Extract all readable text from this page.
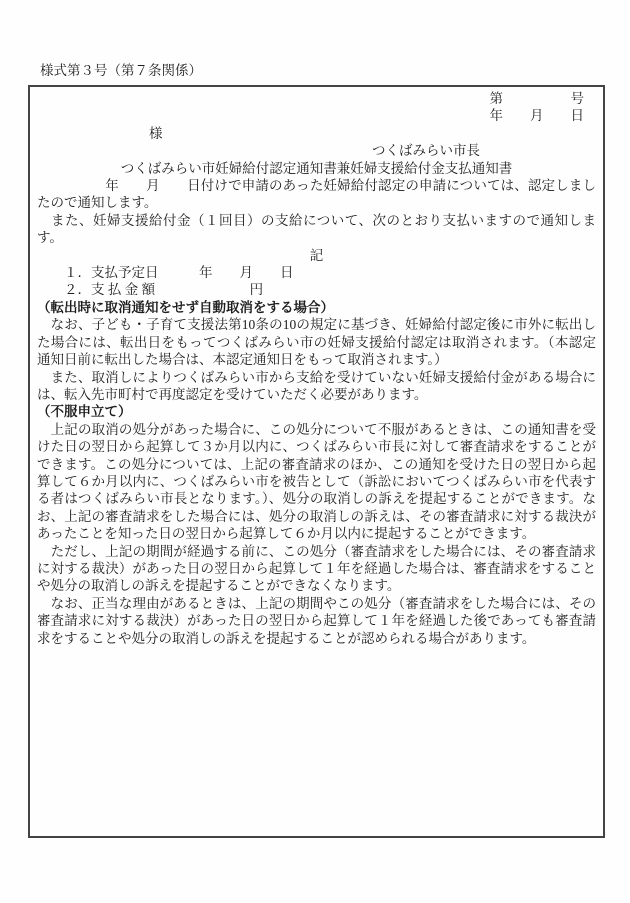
様式第３号（第７条関係）
第　　　　　号
年　　月　　日
様
つくばみらい市長
つくばみらい市妊婦給付認定通知書兼妊婦支援給付金支払通知書

　　　　　年　　月　　日付けで申請のあった妊婦給付認定の申請については、認定しましたので通知します。

　また、妊婦支援給付金（１回目）の支給について、次のとおり支払いますので通知します。

記
　　１．支払予定日　　　年　　月　　日
　　２．支 払 金 額　　　　　　　円
（転出時に取消通知をせず自動取消をする場合）

　なお、子ども・子育て支援法第10条の10の規定に基づき、妊婦給付認定後に市外に転出した場合には、転出日をもってつくばみらい市の妊婦支援給付認定は取消されます。（本認定通知日前に転出した場合は、本認定通知日をもって取消されます。）

　また、取消しによりつくばみらい市から支給を受けていない妊婦支援給付金がある場合には、転入先市町村で再度認定を受けていただく必要があります。

（不服申立て）

　上記の取消の処分があった場合に、この処分について不服があるときは、この通知書を受けた日の翌日から起算して３か月以内に、つくばみらい市長に対して審査請求をすることができます。この処分については、上記の審査請求のほか、この通知を受けた日の翌日から起算して６か月以内に、つくばみらい市を被告として（訴訟においてつくばみらい市を代表する者はつくばみらい市長となります。）、処分の取消しの訴えを提起することができます。なお、上記の審査請求をした場合には、処分の取消しの訴えは、その審査請求に対する裁決があったことを知った日の翌日から起算して６か月以内に提起することができます。

　ただし、上記の期間が経過する前に、この処分（審査請求をした場合には、その審査請求に対する裁決）があった日の翌日から起算して１年を経過した場合は、審査請求をすることや処分の取消しの訴えを提起することができなくなります。

　なお、正当な理由があるときは、上記の期間やこの処分（審査請求をした場合には、その審査請求に対する裁決）があった日の翌日から起算して１年を経過した後であっても審査請求をすることや処分の取消しの訴えを提起することが認められる場合があります。
